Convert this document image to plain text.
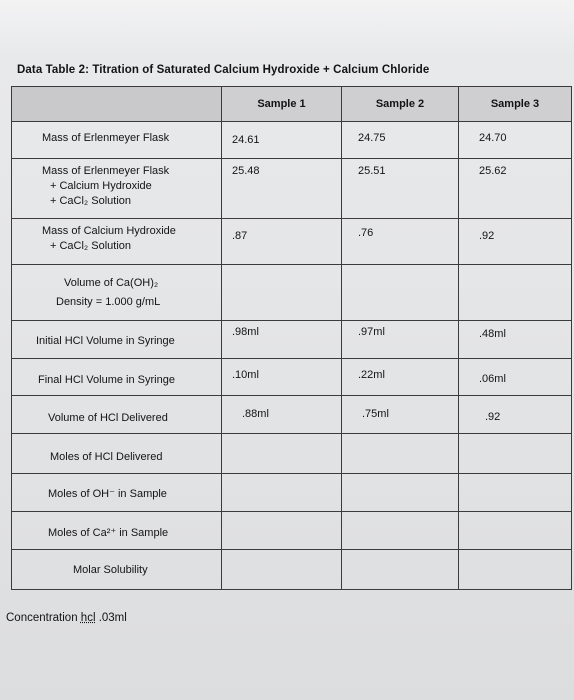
Data Table 2: Titration of Saturated Calcium Hydroxide + Calcium Chloride
	Sample 1	Sample 2	Sample 3

Mass of Erlenmeyer Flask	24.61	24.75	24.70

Mass of Erlenmeyer Flask
+ Calcium Hydroxide
+ CaCl₂ Solution	25.48	25.51	25.62

Mass of Calcium Hydroxide
+ CaCl₂ Solution	.87	.76	.92

Volume of Ca(OH)₂
Density = 1.000 g/mL			

Initial HCl Volume in Syringe	.98ml	.97ml	.48ml

Final HCl Volume in Syringe	.10ml	.22ml	.06ml

Volume of HCl Delivered	.88ml	.75ml	.92

Moles of HCl Delivered			

Moles of OH⁻ in Sample			

Moles of Ca²⁺ in Sample			

Molar Solubility			

Concentration hcl .03ml
